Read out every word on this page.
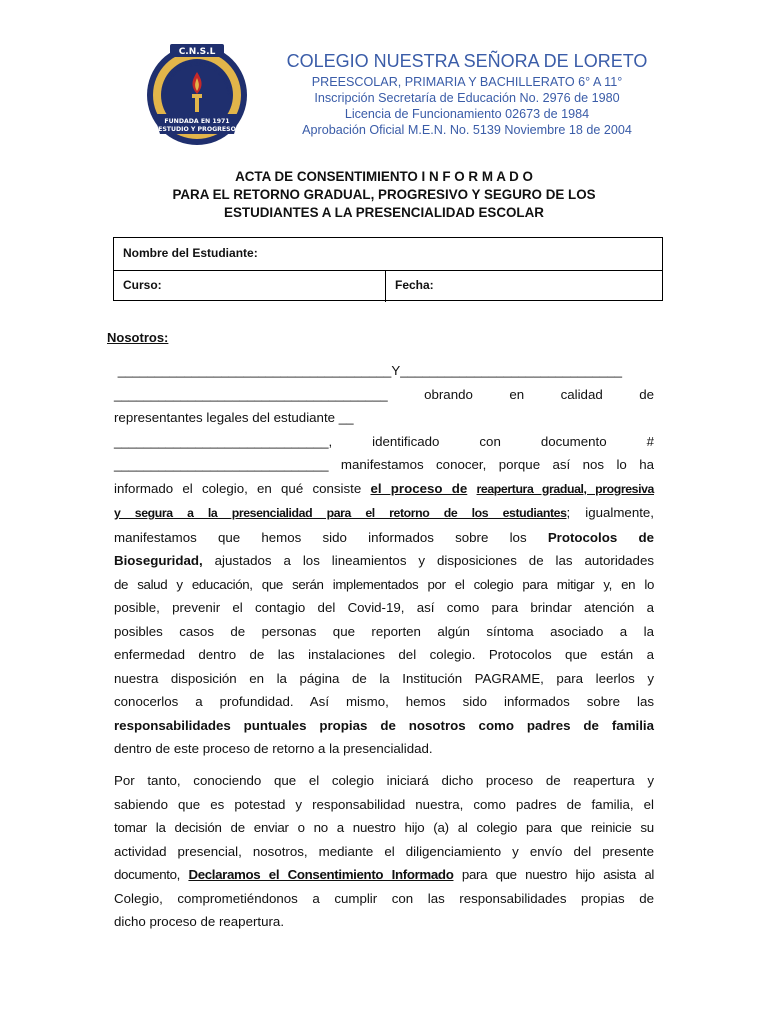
COLEGIO NUESTRA SEÑOR
C.N.S.L
FUNDADA EN 1971
ESTUDIO Y PROGRESO
COLEGIO NUESTRA SEÑORA DE LORETO
PREESCOLAR, PRIMARIA Y BACHILLERATO 6° A 11°
Inscripción Secretaría de Educación No. 2976 de 1980
Licencia de Funcionamiento 02673 de 1984
Aprobación Oficial M.E.N. No. 5139 Noviembre 18 de 2004
ACTA DE CONSENTIMIENTO I N F O R M A D O
PARA EL RETORNO GRADUAL, PROGRESIVO Y SEGURO DE LOS
ESTUDIANTES A LA PRESENCIALIDAD ESCOLAR
Nombre del Estudiante:
Curso:	Fecha:
Nosotros:
_____________________________________Y______________________________
_____________________________________	obrando en calidad de
representantes legales del estudiante __
_____________________________,	identificado con documento #
_____________________________ manifestamos conocer, porque así nos lo ha
informado el colegio, en qué consiste el proceso de reapertura gradual, progresiva
y segura a la presencialidad para el retorno de los estudiantes; igualmente,
manifestamos que hemos sido informados sobre los Protocolos de
Bioseguridad, ajustados a los lineamientos y disposiciones de las autoridades
de salud y educación, que serán implementados por el colegio para mitigar y, en lo
posible, prevenir el contagio del Covid-19, así como para brindar atención a
posibles casos de personas que reporten algún síntoma asociado a la
enfermedad dentro de las instalaciones del colegio. Protocolos que están a
nuestra disposición en la página de la Institución PAGRAME, para leerlos y
conocerlos a profundidad. Así mismo, hemos sido informados sobre las
responsabilidades puntuales propias de nosotros como padres de familia
dentro de este proceso de retorno a la presencialidad.
Por tanto, conociendo que el colegio iniciará dicho proceso de reapertura y
sabiendo que es potestad y responsabilidad nuestra, como padres de familia, el
tomar la decisión de enviar o no a nuestro hijo (a) al colegio para que reinicie su
actividad presencial, nosotros, mediante el diligenciamiento y envío del presente
documento, Declaramos el Consentimiento Informado para que nuestro hijo asista al
Colegio, comprometiéndonos a cumplir con las responsabilidades propias de
dicho proceso de reapertura.
